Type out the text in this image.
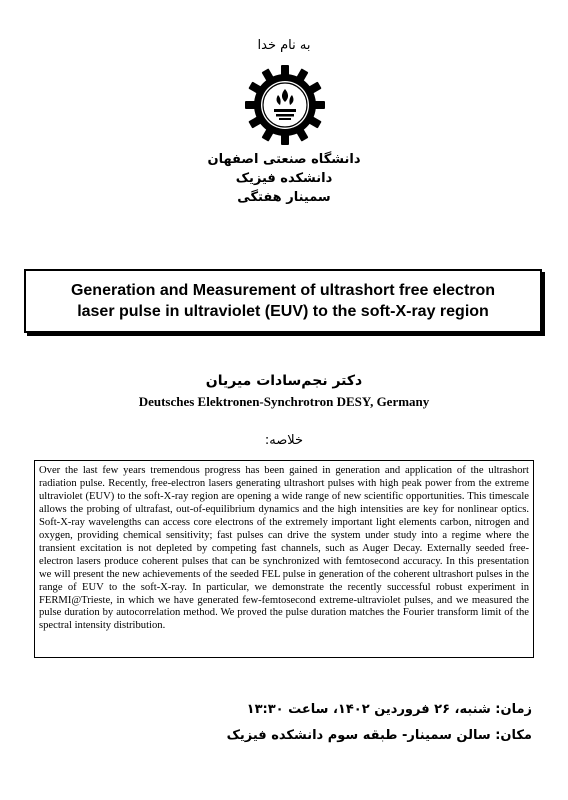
به نام خدا
دانشگاه صنعتی اصفهان
دانشکده فیزیک
سمینار هفتگی
Generation and Measurement of ultrashort free electron
laser pulse in ultraviolet (EUV) to the soft-X-ray region
دکتر نجم‌سادات میریان
Deutsches Elektronen-Synchrotron DESY, Germany
خلاصه:
Over the last few years tremendous progress has been gained in generation and application of the ultrashort radiation pulse. Recently, free-electron lasers generating ultrashort pulses with high peak power from the extreme ultraviolet (EUV) to the soft-X-ray region are opening a wide range of new scientific opportunities. This timescale allows the probing of ultrafast, out-of-equilibrium dynamics and the high intensities are key for nonlinear optics. Soft-X-ray wavelengths can access core electrons of the extremely important light elements carbon, nitrogen and oxygen, providing chemical sensitivity; fast pulses can drive the system under study into a regime where the transient excitation is not depleted by competing fast channels, such as Auger Decay. Externally seeded free-electron lasers produce coherent pulses that can be synchronized with femtosecond accuracy. In this presentation we will present the new achievements of the seeded FEL pulse in generation of the coherent ultrashort pulses in the range of EUV to the soft-X-ray. In particular, we demonstrate the recently successful robust experiment in FERMI@Trieste, in which we have generated few-femtosecond extreme-ultraviolet pulses, and we measured the pulse duration by autocorrelation method. We proved the pulse duration matches the Fourier transform limit of the spectral intensity distribution.
زمان: شنبه، ۲۶ فروردین ۱۴۰۲، ساعت ۱۳:۳۰
مکان: سالن سمینار- طبقه سوم دانشکده فیزیک
